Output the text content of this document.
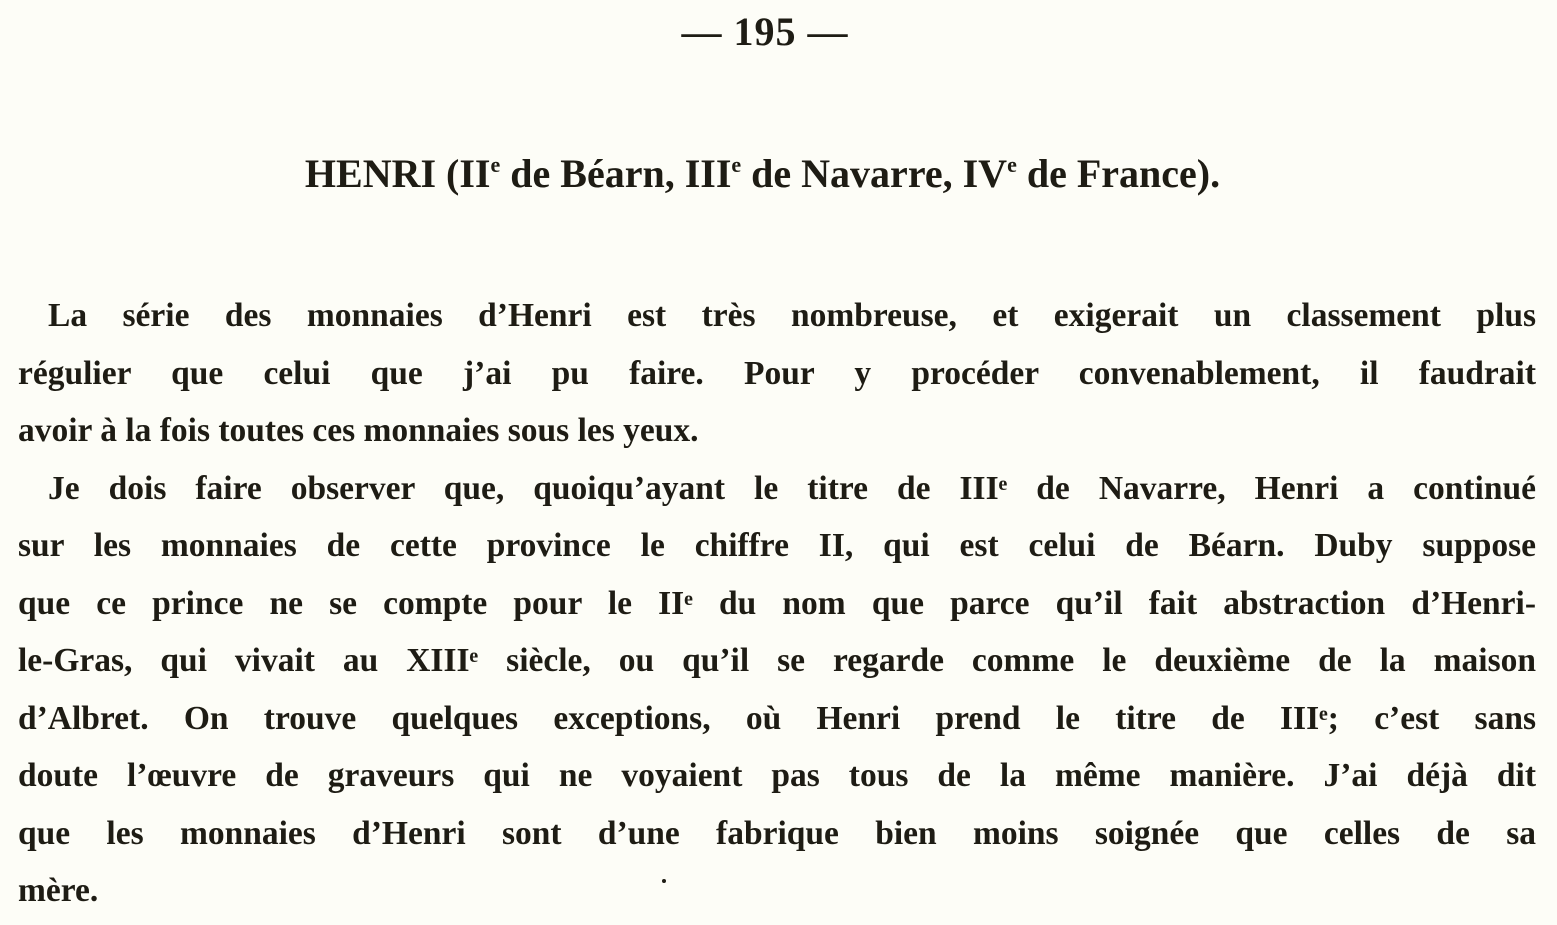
— 195 —
HENRI (IIe de Béarn, IIIe de Navarre, IVe de France).
La série des monnaies d’Henri est très nombreuse, et exigerait un classement plus
régulier que celui que j’ai pu faire. Pour y procéder convenablement, il faudrait
avoir à la fois toutes ces monnaies sous les yeux.
Je dois faire observer que, quoiqu’ayant le titre de IIIᵉ de Navarre, Henri a continué
sur les monnaies de cette province le chiffre II, qui est celui de Béarn. Duby suppose
que ce prince ne se compte pour le IIᵉ du nom que parce qu’il fait abstraction d’Henri-
le-Gras, qui vivait au XIIIᵉ siècle, ou qu’il se regarde comme le deuxième de la maison
d’Albret. On trouve quelques exceptions, où Henri prend le titre de IIIᵉ; c’est sans
doute l’œuvre de graveurs qui ne voyaient pas tous de la même manière. J’ai déjà dit
que les monnaies d’Henri sont d’une fabrique bien moins soignée que celles de sa
mère.
